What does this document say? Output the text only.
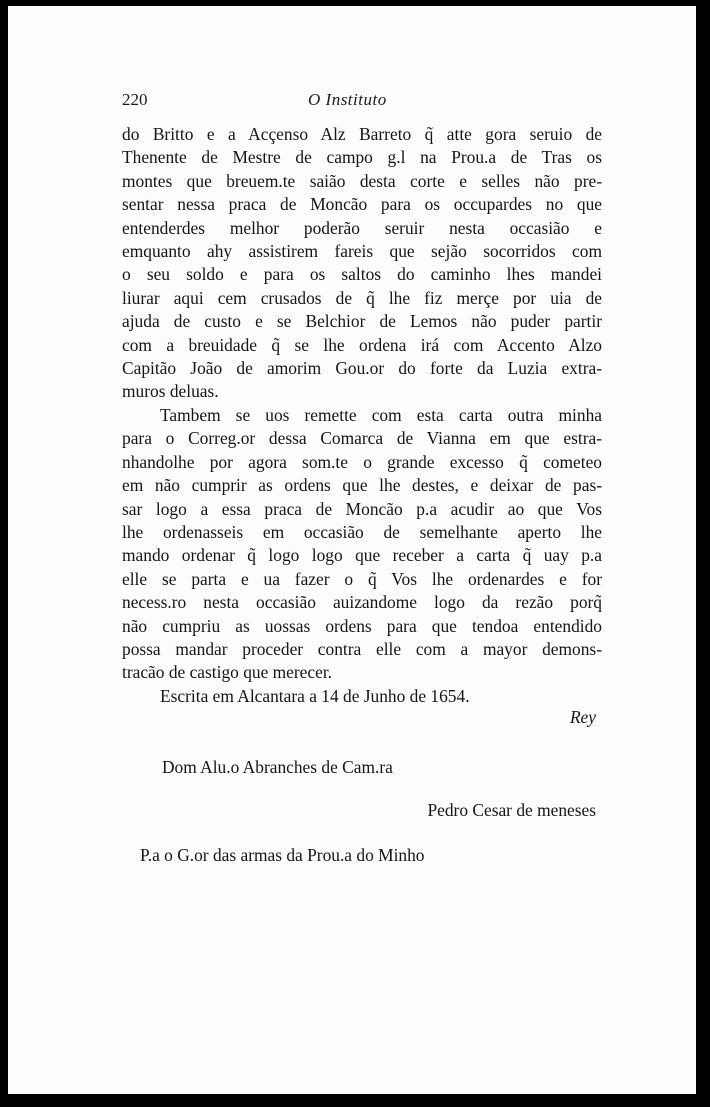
220	O Instituto

do Britto e a Acçenso Alz Barreto q̃ atte gora seruio de
Thenente de Mestre de campo g.l na Prou.a de Tras os
montes que breuem.te saião desta corte e selles não pre-
sentar nessa praca de Moncão para os occupardes no que
entenderdes melhor poderão seruir nesta occasião e
emquanto ahy assistirem fareis que sejão socorridos com
o seu soldo e para os saltos do caminho lhes mandei
liurar aqui cem crusados de q̃ lhe fiz merçe por uia de
ajuda de custo e se Belchior de Lemos não puder partir
com a breuidade q̃ se lhe ordena irá com Accento Alzo
Capitão João de amorim Gou.or do forte da Luzia extra-
muros deluas.

Tambem se uos remette com esta carta outra minha
para o Correg.or dessa Comarca de Vianna em que estra-
nhandolhe por agora som.te o grande excesso q̃ cometeo
em não cumprir as ordens que lhe destes, e deixar de pas-
sar logo a essa praca de Moncão p.a acudir ao que Vos
lhe ordenasseis em occasião de semelhante aperto lhe
mando ordenar q̃ logo logo que receber a carta q̃ uay p.a
elle se parta e ua fazer o q̃ Vos lhe ordenardes e for
necess.ro nesta occasião auizandome logo da rezão porq̃
não cumpriu as uossas ordens para que tendoa entendido
possa mandar proceder contra elle com a mayor demons-
tracão de castigo que merecer.

Escrita em Alcantara a 14 de Junho de 1654.

Rey
Dom Alu.o Abranches de Cam.ra
Pedro Cesar de meneses
P.a o G.or das armas da Prou.a do Minho
